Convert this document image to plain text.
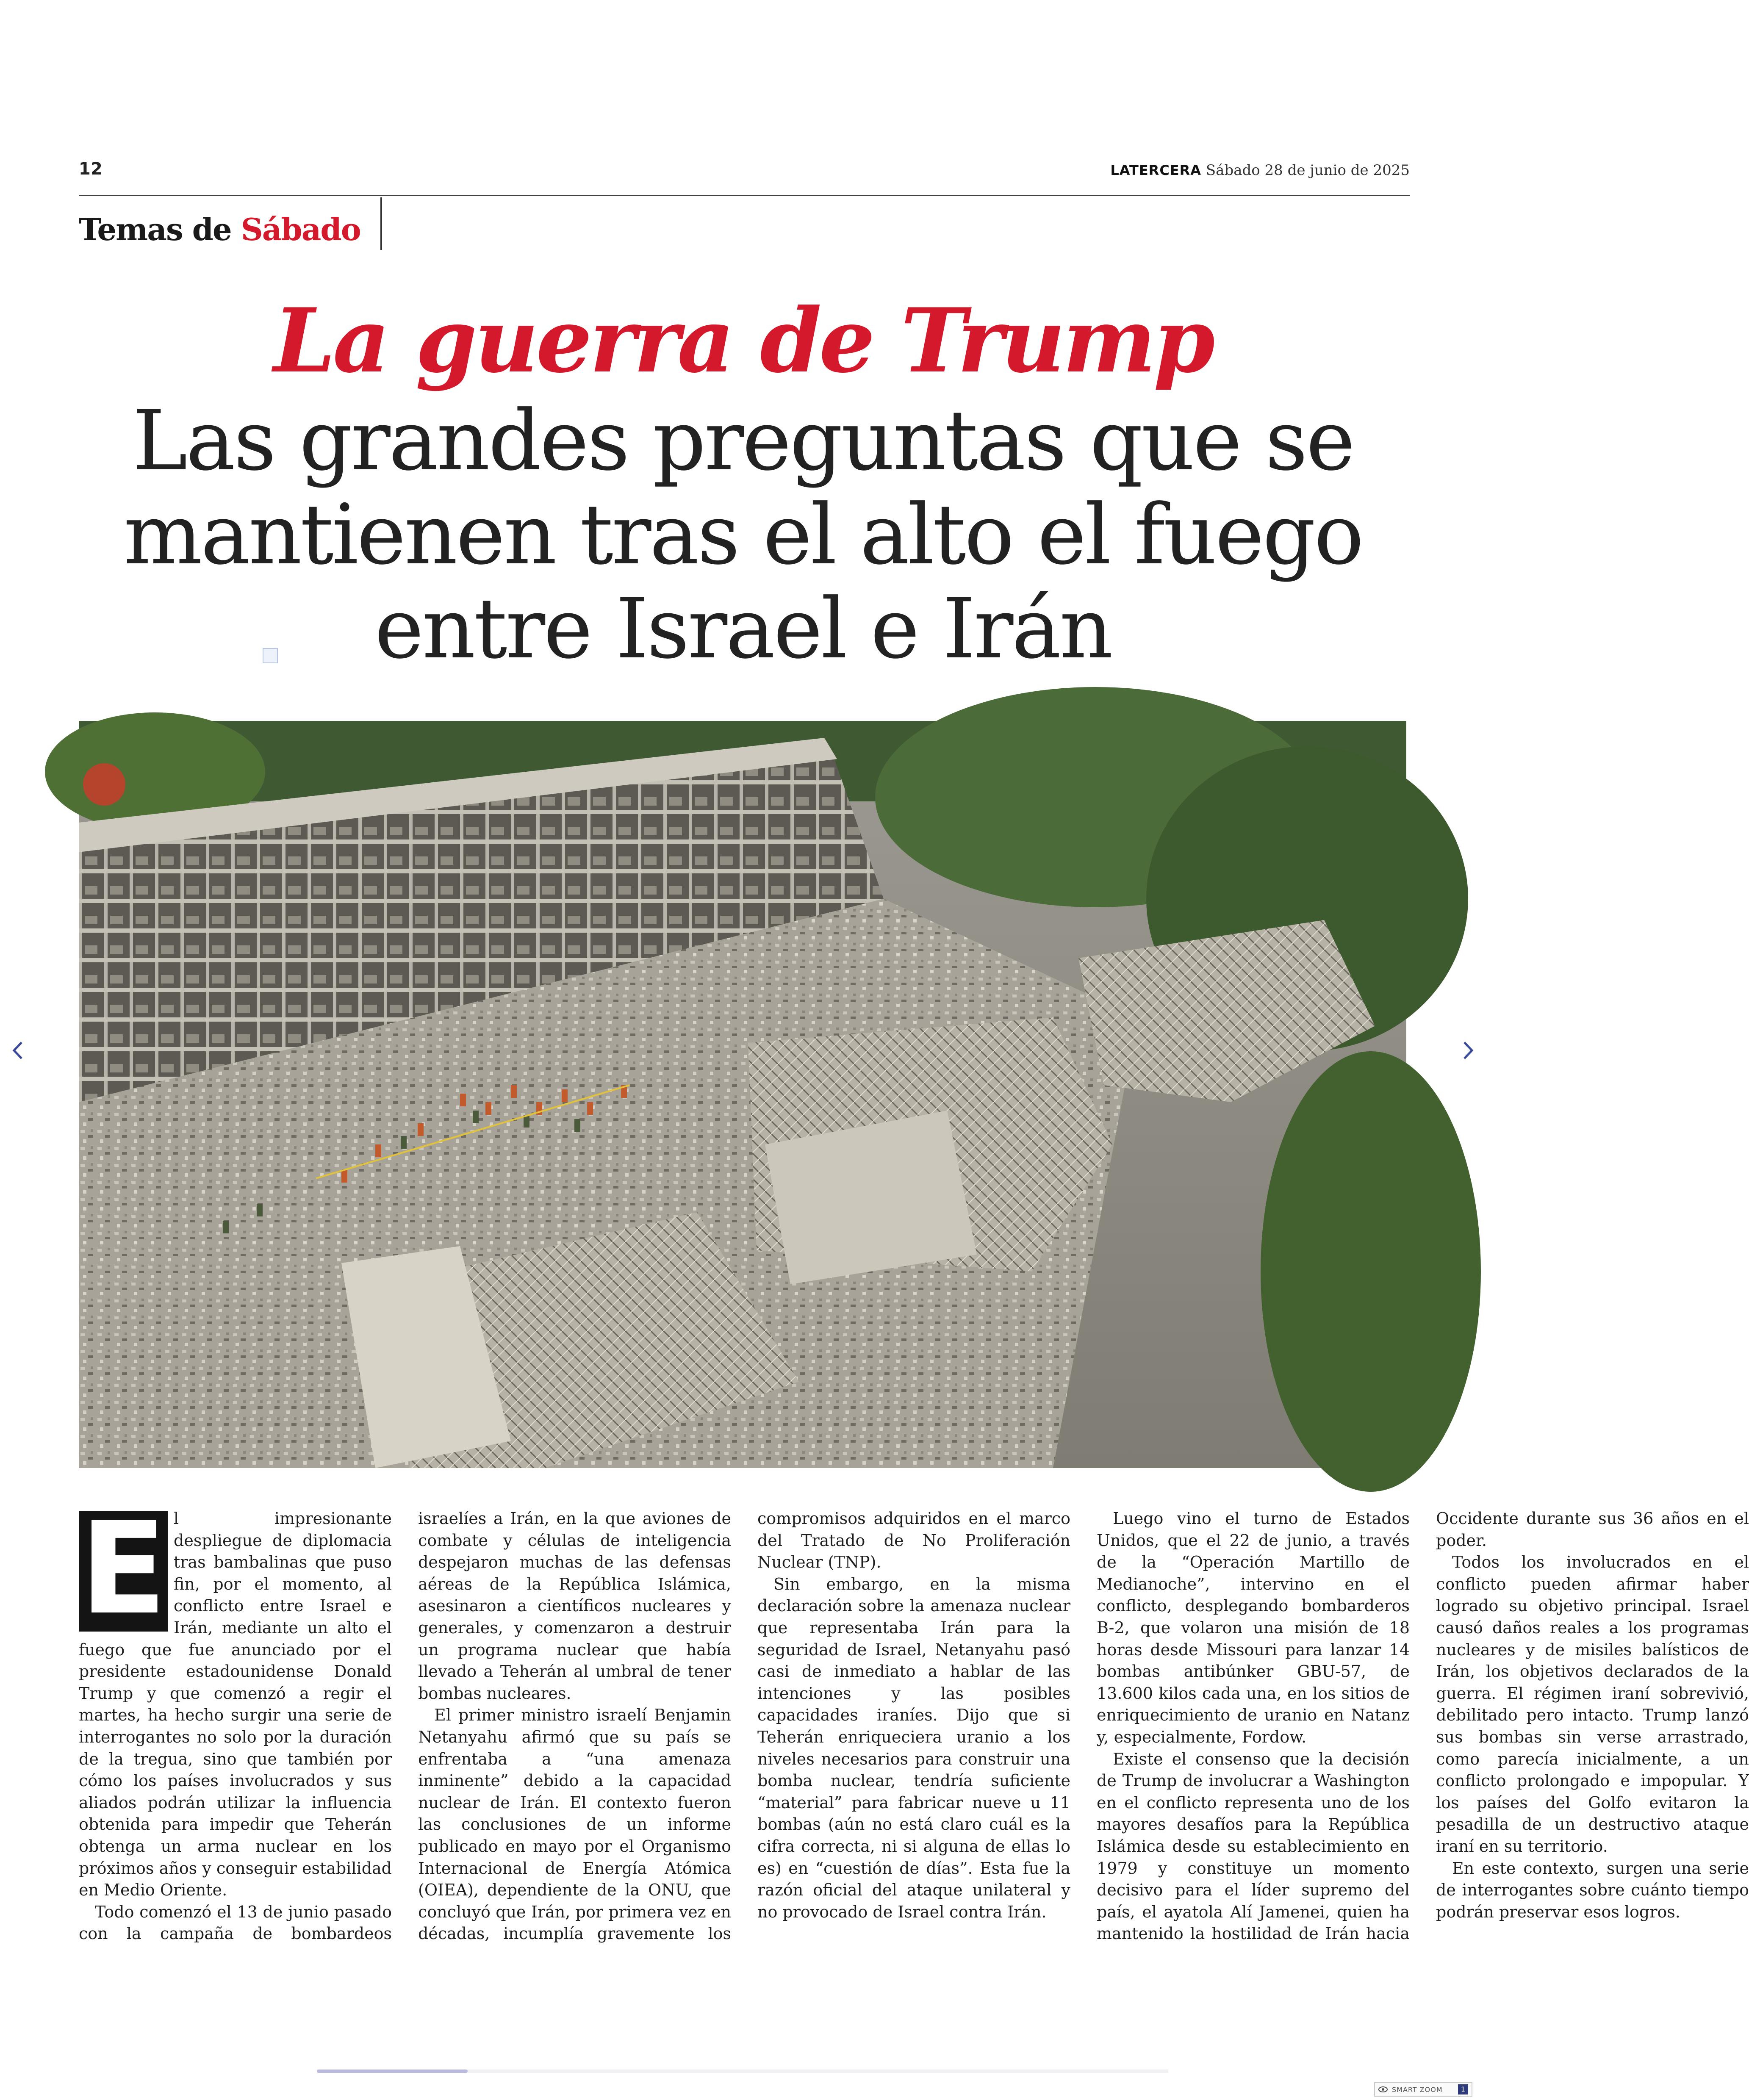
12	LATERCERA Sábado 28 de junio de 2025
Temas de Sábado
La guerra de Trump
Las grandes preguntas que se
mantienen tras el alto el fuego
entre Israel e Irán

El impresionante despliegue de diplomacia tras bambalinas que puso fin, por el momento, al conflicto entre Israel e Irán, mediante un alto el fuego que fue anunciado por el presidente estadounidense Donald Trump y que comenzó a regir el martes, ha hecho surgir una serie de interrogantes no solo por la duración de la tregua, sino que también por cómo los países involucrados y sus aliados podrán utilizar la influencia obtenida para impedir que Teherán obtenga un arma nuclear en los próximos años y conseguir estabilidad en Medio Oriente.

Todo comenzó el 13 de junio pasado con la campaña de bombardeos israelíes a Irán, en la que aviones de combate y células de inteligencia despejaron muchas de las defensas aéreas de la República Islámica, asesinaron a científicos nucleares y generales, y comenzaron a destruir un programa nuclear que había llevado a Teherán al umbral de tener bombas nucleares.

El primer ministro israelí Benjamin Netanyahu afirmó que su país se enfrentaba a “una amenaza inminente” debido a la capacidad nuclear de Irán. El contexto fueron las conclusiones de un informe publicado en mayo por el Organismo Internacional de Energía Atómica (OIEA), dependiente de la ONU, que concluyó que Irán, por primera vez en décadas, incumplía gravemente los compromisos adquiridos en el marco del Tratado de No Proliferación Nuclear (TNP).

Sin embargo, en la misma declaración sobre la amenaza nuclear que representaba Irán para la seguridad de Israel, Netanyahu pasó casi de inmediato a hablar de las intenciones y las posibles capacidades iraníes. Dijo que si Teherán enriqueciera uranio a los niveles necesarios para construir una bomba nuclear, tendría suficiente “material” para fabricar nueve u 11 bombas (aún no está claro cuál es la cifra correcta, ni si alguna de ellas lo es) en “cuestión de días”. Esta fue la razón oficial del ataque unilateral y no provocado de Israel contra Irán.

Luego vino el turno de Estados Unidos, que el 22 de junio, a través de la “Operación Martillo de Medianoche”, intervino en el conflicto, desplegando bombarderos B-2, que volaron una misión de 18 horas desde Missouri para lanzar 14 bombas antibúnker GBU-57, de 13.600 kilos cada una, en los sitios de enriquecimiento de uranio en Natanz y, especialmente, Fordow.

Existe el consenso que la decisión de Trump de involucrar a Washington en el conflicto representa uno de los mayores desafíos para la República Islámica desde su establecimiento en 1979 y constituye un momento decisivo para el líder supremo del país, el ayatola Alí Jamenei, quien ha mantenido la hostilidad de Irán hacia Occidente durante sus 36 años en el poder.

Todos los involucrados en el conflicto pueden afirmar haber logrado su objetivo principal. Israel causó daños reales a los programas nucleares y de misiles balísticos de Irán, los objetivos declarados de la guerra. El régimen iraní sobrevivió, debilitado pero intacto. Trump lanzó sus bombas sin verse arrastrado, como parecía inicialmente, a un conflicto prolongado e impopular. Y los países del Golfo evitaron la pesadilla de un destructivo ataque iraní en su territorio.

En este contexto, surgen una serie de interrogantes sobre cuánto tiempo podrán preservar esos logros.

SMART ZOOM	1
